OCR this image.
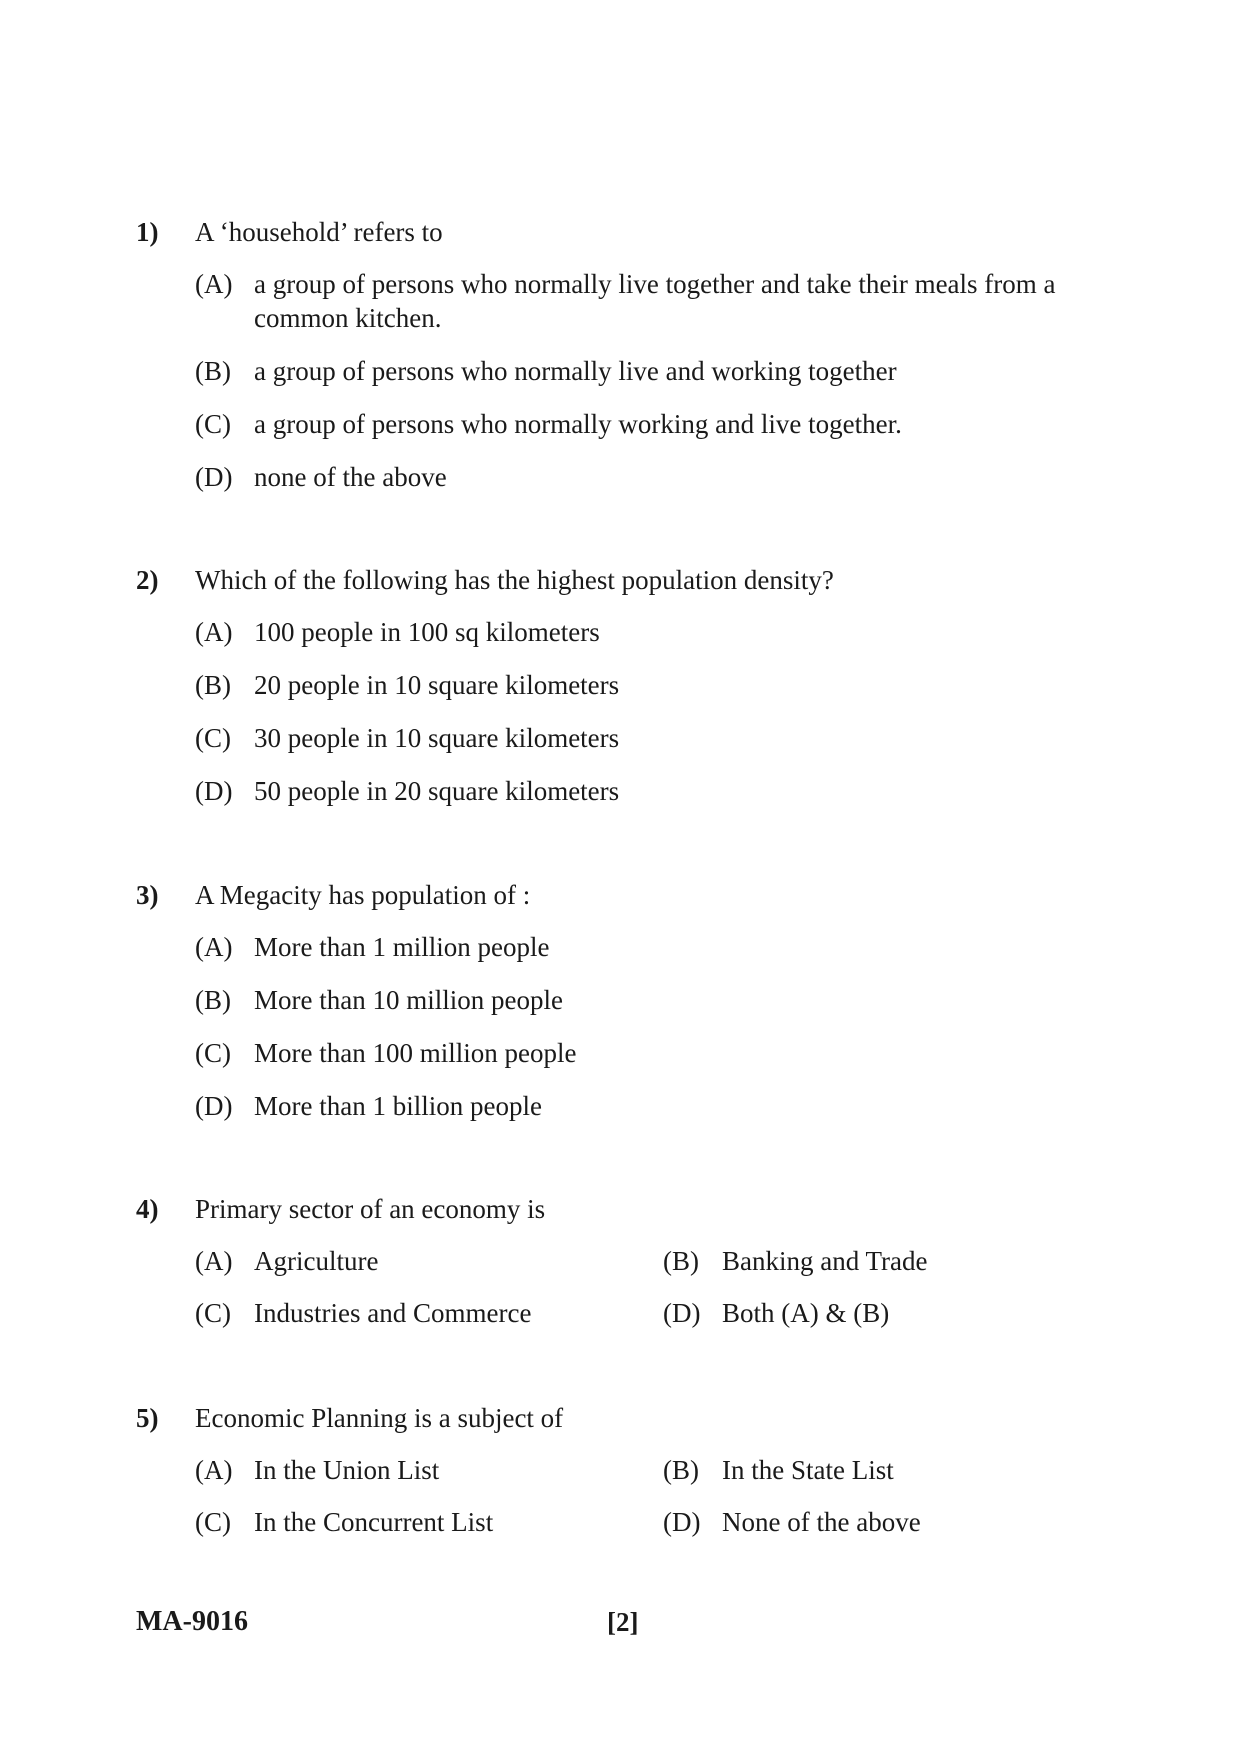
1) A ‘household’ refers to
(A) a group of persons who normally live together and take their meals from a common kitchen.
(B) a group of persons who normally live and working together
(C) a group of persons who normally working and live together.
(D) none of the above
2) Which of the following has the highest population density?
(A) 100 people in 100 sq kilometers
(B) 20 people in 10 square kilometers
(C) 30 people in 10 square kilometers
(D) 50 people in 20 square kilometers
3) A Megacity has population of :
(A) More than 1 million people
(B) More than 10 million people
(C) More than 100 million people
(D) More than 1 billion people
4) Primary sector of an economy is
(A) Agriculture	(B) Banking and Trade
(C) Industries and Commerce	(D) Both (A) & (B)
5) Economic Planning is a subject of
(A) In the Union List	(B) In the State List
(C) In the Concurrent List	(D) None of the above
MA-9016	[2]
